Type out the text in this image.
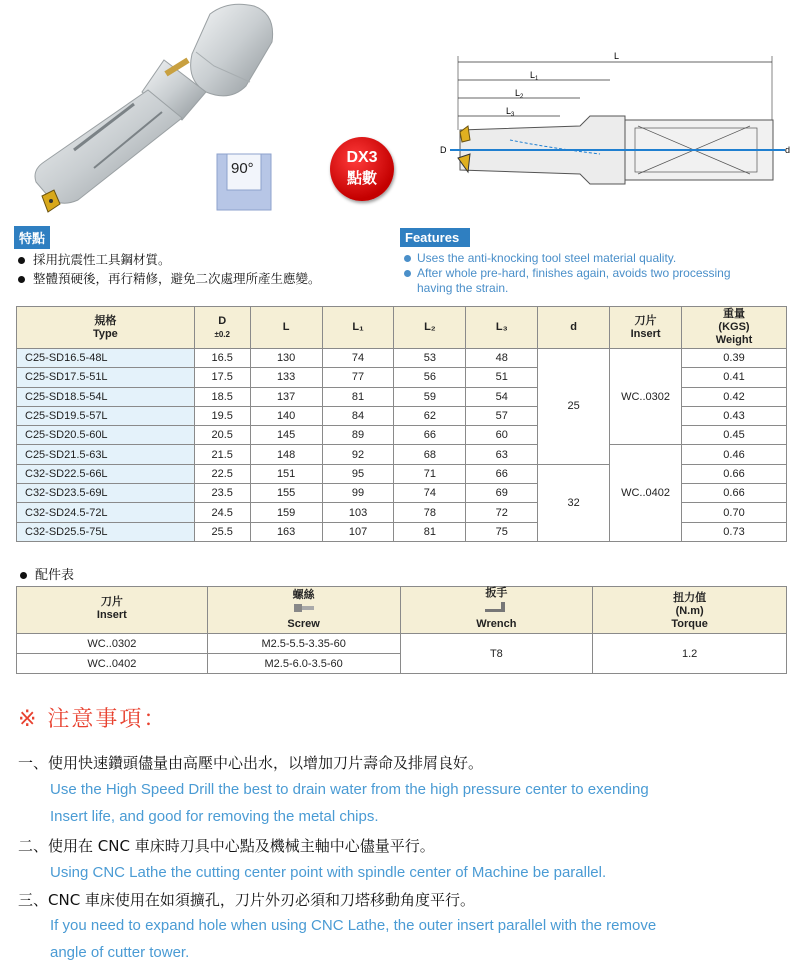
90°
DX3
點數
L
$L_1$
$L_2$
$L_3$
D	d
特點
採用抗震性工具鋼材質。
整體預硬後，再行精修，避免二次處理所產生應變。
Features
Uses the anti-knocking tool steel material quality.
After whole pre-hard, finishes again, avoids two processing
having the strain.
規格
Type	D
±0.2	L	L₁	L₂	L₃	d	刀片
Insert	重量
(KGS)
Weight
C25-SD16.5-48L	16.5	130	74	53	48	25	WC..0302	0.39
C25-SD17.5-51L	17.5	133	77	56	51			0.41
C25-SD18.5-54L	18.5	137	81	59	54			0.42
C25-SD19.5-57L	19.5	140	84	62	57			0.43
C25-SD20.5-60L	20.5	145	89	66	60			0.45
C25-SD21.5-63L	21.5	148	92	68	63		WC..0402	0.46
C32-SD22.5-66L	22.5	151	95	71	66	32		0.66
C32-SD23.5-69L	23.5	155	99	74	69			0.66
C32-SD24.5-72L	24.5	159	103	78	72			0.70
C32-SD25.5-75L	25.5	163	107	81	75			0.73
配件表
刀片
Insert	螺絲

Screw	扳手

Wrench	扭力值
(N.m)
Torque
WC..0302	M2.5-5.5-3.35-60	T8	1.2
WC..0402	M2.5-6.0-3.5-60		
※ 注意事項：
一、使用快速鑽頭儘量由高壓中心出水，以增加刀片壽命及排屑良好。
Use the High Speed Drill the best to drain water from the high pressure center to exending
Insert life, and good for removing the metal chips.
二、使用在 CNC 車床時刀具中心點及機械主軸中心儘量平行。
Using CNC Lathe the cutting center point with spindle center of Machine be parallel.
三、CNC 車床使用在如須擴孔，刀片外刃必須和刀塔移動角度平行。
If you need to expand hole when using CNC Lathe, the outer insert parallel with the remove
angle of cutter tower.
